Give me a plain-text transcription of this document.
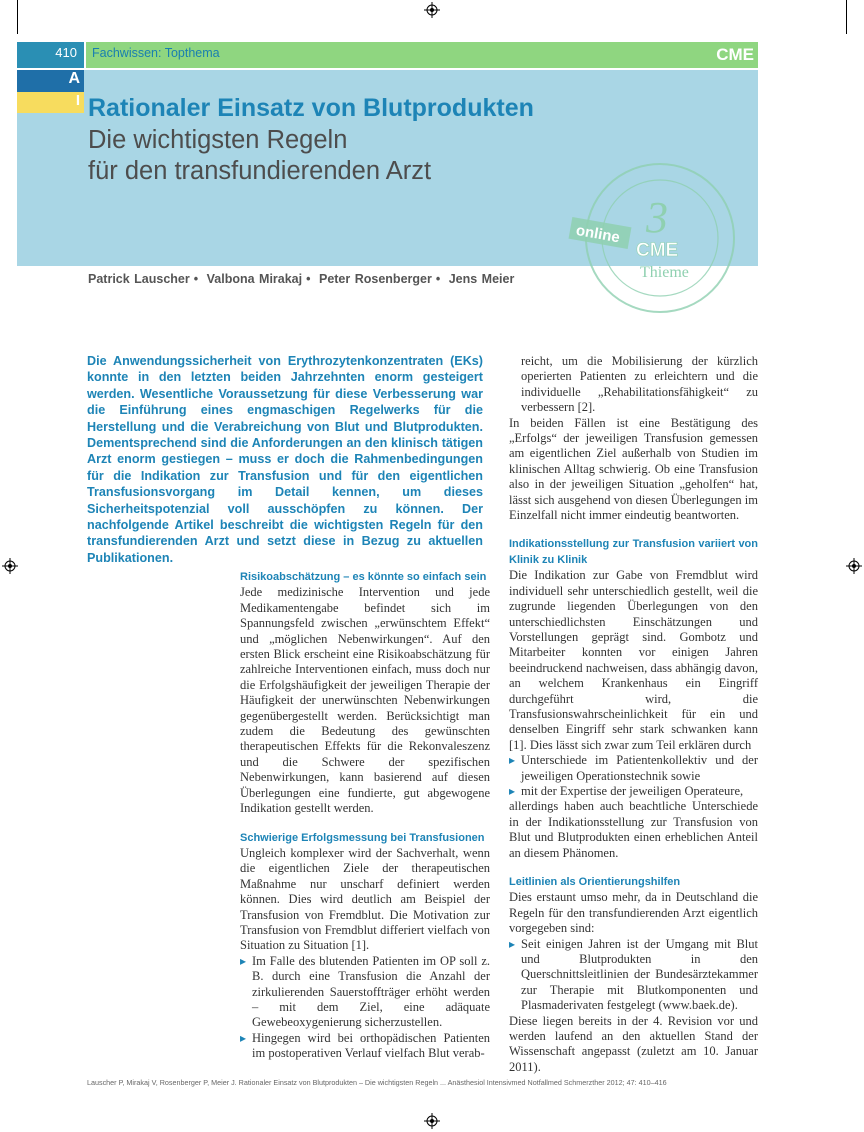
410 Fachwissen: Topthema	CME
A
I Rationaler Einsatz von Blutprodukten
Die wichtigsten Regeln
für den transfundierenden Arzt
online 3
CME
Thieme
Patrick Lauscher • Valbona Mirakaj • Peter Rosenberger • Jens Meier
Die Anwendungssicherheit von Erythrozytenkonzentraten (EKs) konnte in den letzten beiden Jahrzehnten enorm gesteigert werden. Wesentliche Voraussetzung für diese Verbesserung war die Einführung eines engmaschigen Regelwerks für die Herstellung und die Verabreichung von Blut und Blutprodukten. Dementsprechend sind die Anforderungen an den klinisch tätigen Arzt enorm gestiegen – muss er doch die Rahmenbedingungen für die Indikation zur Transfusion und für den eigentlichen Transfusionsvorgang im Detail kennen, um dieses Sicherheitspotenzial voll ausschöpfen zu können. Der nachfolgende Artikel beschreibt die wichtigsten Regeln für den transfundierenden Arzt und setzt diese in Bezug zu aktuellen Publikationen.
Risikoabschätzung – es könnte so einfach sein

Jede medizinische Intervention und jede Medikamentengabe befindet sich im Spannungsfeld zwischen „erwünschtem Effekt“ und „möglichen Nebenwirkungen“. Auf den ersten Blick erscheint eine Risikoabschätzung für zahlreiche Interventionen einfach, muss doch nur die Erfolgshäufigkeit der jeweiligen Therapie der Häufigkeit der unerwünschten Nebenwirkungen gegenübergestellt werden. Berücksichtigt man zudem die Bedeutung des gewünschten therapeutischen Effekts für die Rekonvaleszenz und die Schwere der spezifischen Nebenwirkungen, kann basierend auf diesen Überlegungen eine fundierte, gut abgewogene Indikation gestellt werden.

Schwierige Erfolgsmessung bei Transfusionen

Ungleich komplexer wird der Sachverhalt, wenn die eigentlichen Ziele der therapeutischen Maßnahme nur unscharf definiert werden können. Dies wird deutlich am Beispiel der Transfusion von Fremdblut. Die Motivation zur Transfusion von Fremdblut differiert vielfach von Situation zu Situation [1].

▸ Im Falle des blutenden Patienten im OP soll z. B. durch eine Transfusion die Anzahl der zirkulierenden Sauerstoffträger erhöht werden – mit dem Ziel, eine adäquate Gewebeoxygenierung sicherzustellen.
▸ Hingegen wird bei orthopädischen Patienten im postoperativen Verlauf vielfach Blut verab-

reicht, um die Mobilisierung der kürzlich operierten Patienten zu erleichtern und die individuelle „Rehabilitationsfähigkeit“ zu verbessern [2].

In beiden Fällen ist eine Bestätigung des „Erfolgs“ der jeweiligen Transfusion gemessen am eigentlichen Ziel außerhalb von Studien im klinischen Alltag schwierig. Ob eine Transfusion also in der jeweiligen Situation „geholfen“ hat, lässt sich ausgehend von diesen Überlegungen im Einzelfall nicht immer eindeutig beantworten.

Indikationsstellung zur Transfusion variiert von Klinik zu Klinik

Die Indikation zur Gabe von Fremdblut wird individuell sehr unterschiedlich gestellt, weil die zugrunde liegenden Überlegungen von den unterschiedlichsten Einschätzungen und Vorstellungen geprägt sind. Gombotz und Mitarbeiter konnten vor einigen Jahren beeindruckend nachweisen, dass abhängig davon, an welchem Krankenhaus ein Eingriff durchgeführt wird, die Transfusionswahrscheinlichkeit für ein und denselben Eingriff sehr stark schwanken kann [1]. Dies lässt sich zwar zum Teil erklären durch

▸ Unterschiede im Patientenkollektiv und der jeweiligen Operationstechnik sowie
▸ mit der Expertise der jeweiligen Operateure,

allerdings haben auch beachtliche Unterschiede in der Indikationsstellung zur Transfusion von Blut und Blutprodukten einen erheblichen Anteil an diesem Phänomen.

Leitlinien als Orientierungshilfen

Dies erstaunt umso mehr, da in Deutschland die Regeln für den transfundierenden Arzt eigentlich vorgegeben sind:

▸ Seit einigen Jahren ist der Umgang mit Blut und Blutprodukten in den Querschnittsleitlinien der Bundesärztekammer zur Therapie mit Blutkomponenten und Plasmaderivaten festgelegt (www.baek.de).

Diese liegen bereits in der 4. Revision vor und werden laufend an den aktuellen Stand der Wissenschaft angepasst (zuletzt am 10. Januar 2011).

Lauscher P, Mirakaj V, Rosenberger P, Meier J. Rationaler Einsatz von Blutprodukten – Die wichtigsten Regeln ... Anästhesiol Intensivmed Notfallmed Schmerzther 2012; 47: 410–416
